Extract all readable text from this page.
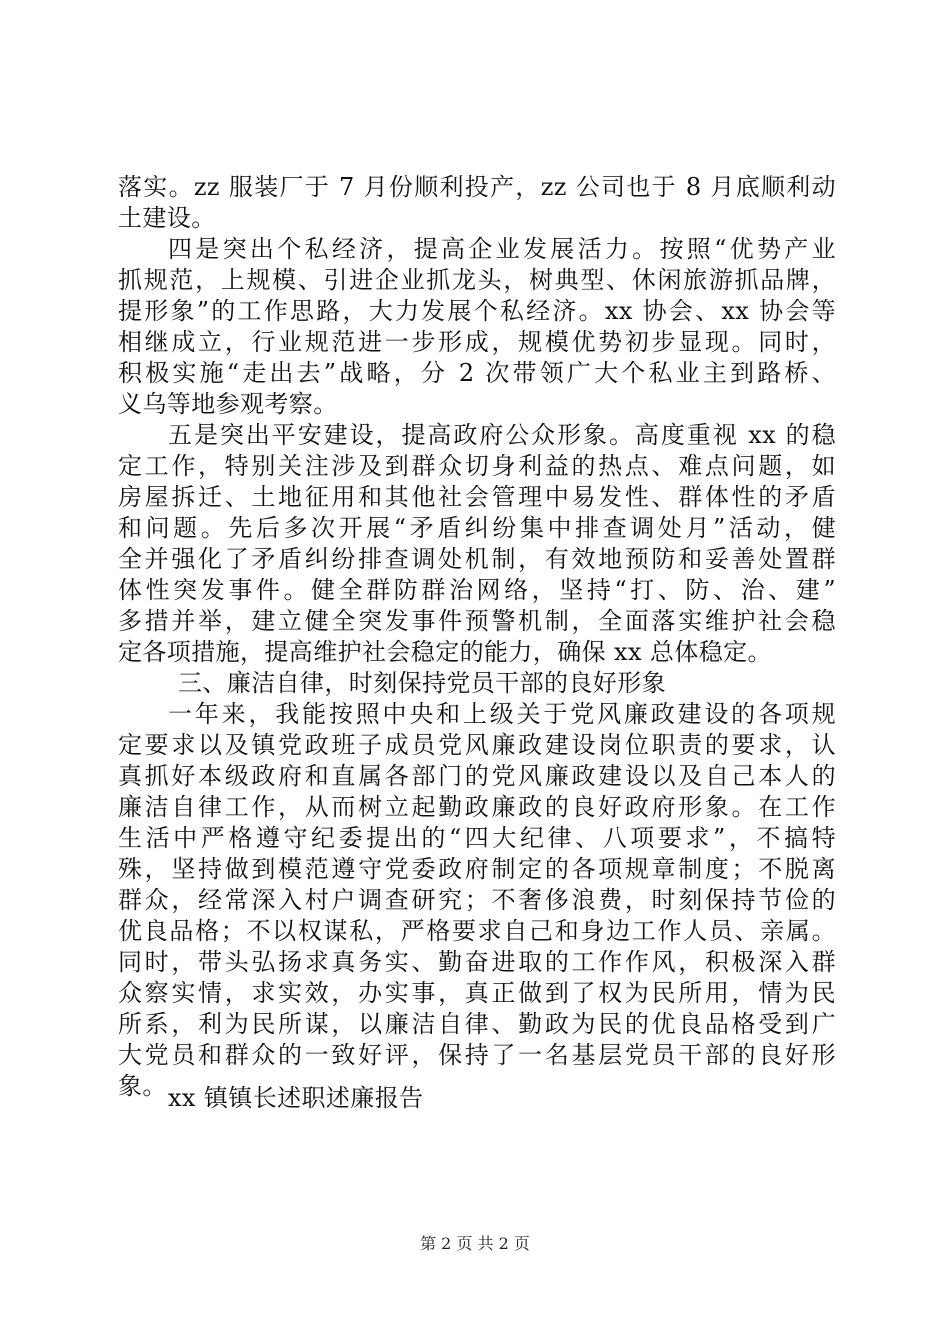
落实。zz 服装厂于 7 月份顺利投产，zz 公司也于 8 月底顺利动
土建设。
四是突出个私经济，提高企业发展活力。按照“优势产业
抓规范，上规模、引进企业抓龙头，树典型、休闲旅游抓品牌，
提形象”的工作思路，大力发展个私经济。xx 协会、xx 协会等
相继成立，行业规范进一步形成，规模优势初步显现。同时，
积极实施“走出去”战略，分 2 次带领广大个私业主到路桥、
义乌等地参观考察。
五是突出平安建设，提高政府公众形象。高度重视 xx 的稳
定工作，特别关注涉及到群众切身利益的热点、难点问题，如
房屋拆迁、土地征用和其他社会管理中易发性、群体性的矛盾
和问题。先后多次开展“矛盾纠纷集中排查调处月”活动，健
全并强化了矛盾纠纷排查调处机制，有效地预防和妥善处置群
体性突发事件。健全群防群治网络，坚持“打、防、治、建”
多措并举，建立健全突发事件预警机制，全面落实维护社会稳
定各项措施，提高维护社会稳定的能力，确保 xx 总体稳定。
三、廉洁自律，时刻保持党员干部的良好形象
一年来，我能按照中央和上级关于党风廉政建设的各项规
定要求以及镇党政班子成员党风廉政建设岗位职责的要求，认
真抓好本级政府和直属各部门的党风廉政建设以及自己本人的
廉洁自律工作，从而树立起勤政廉政的良好政府形象。在工作
生活中严格遵守纪委提出的“四大纪律、八项要求”，不搞特
殊，坚持做到模范遵守党委政府制定的各项规章制度；不脱离
群众，经常深入村户调查研究；不奢侈浪费，时刻保持节俭的
优良品格；不以权谋私，严格要求自己和身边工作人员、亲属。
同时，带头弘扬求真务实、勤奋进取的工作作风，积极深入群
众察实情，求实效，办实事，真正做到了权为民所用，情为民
所系，利为民所谋，以廉洁自律、勤政为民的优良品格受到广
大党员和群众的一致好评，保持了一名基层党员干部的良好形
象。 xx 镇镇长述职述廉报告
第 2 页 共 2 页
